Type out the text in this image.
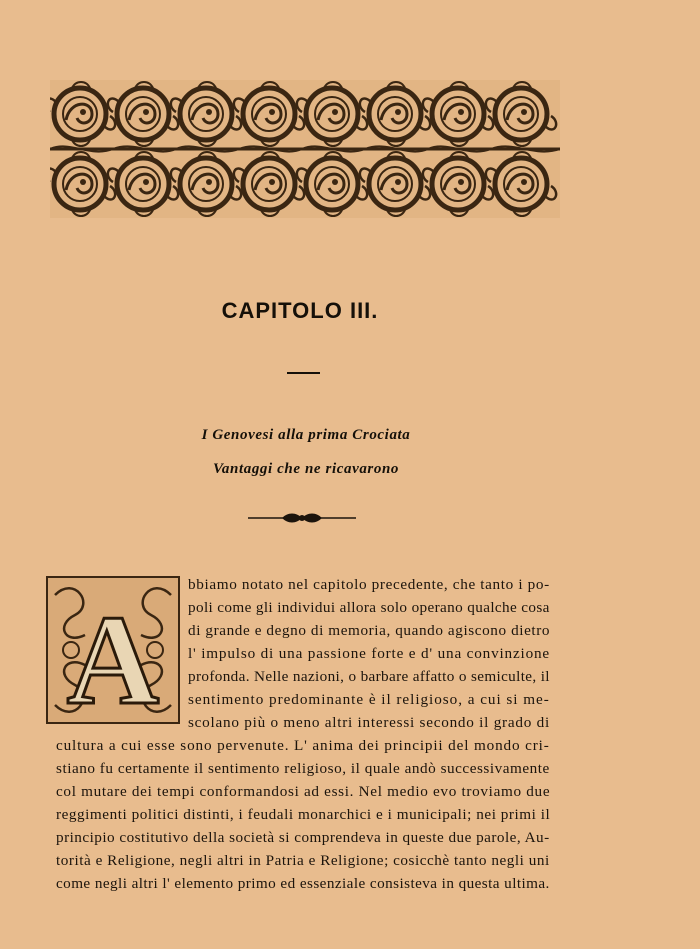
CAPITOLO III.
I Genovesi alla prima Crociata
Vantaggi che ne ricavarono
A
bbiamo notato nel capitolo precedente, che tanto i po-
poli come gli individui allora solo operano qualche cosa
di grande e degno di memoria, quando agiscono dietro
l' impulso di una passione forte e d' una convinzione
profonda. Nelle nazioni, o barbare affatto o semiculte, il
sentimento predominante è il religioso, a cui si me-
scolano più o meno altri interessi secondo il grado di
cultura a cui esse sono pervenute. L' anima dei principii del mondo cri-
stiano fu certamente il sentimento religioso, il quale andò successivamente
col mutare dei tempi conformandosi ad essi. Nel medio evo troviamo due
reggimenti politici distinti, i feudali monarchici e i municipali; nei primi il
principio costitutivo della società si comprendeva in queste due parole, Au-
torità e Religione, negli altri in Patria e Religione; cosicchè tanto negli uni
come negli altri l' elemento primo ed essenziale consisteva in questa ultima.
